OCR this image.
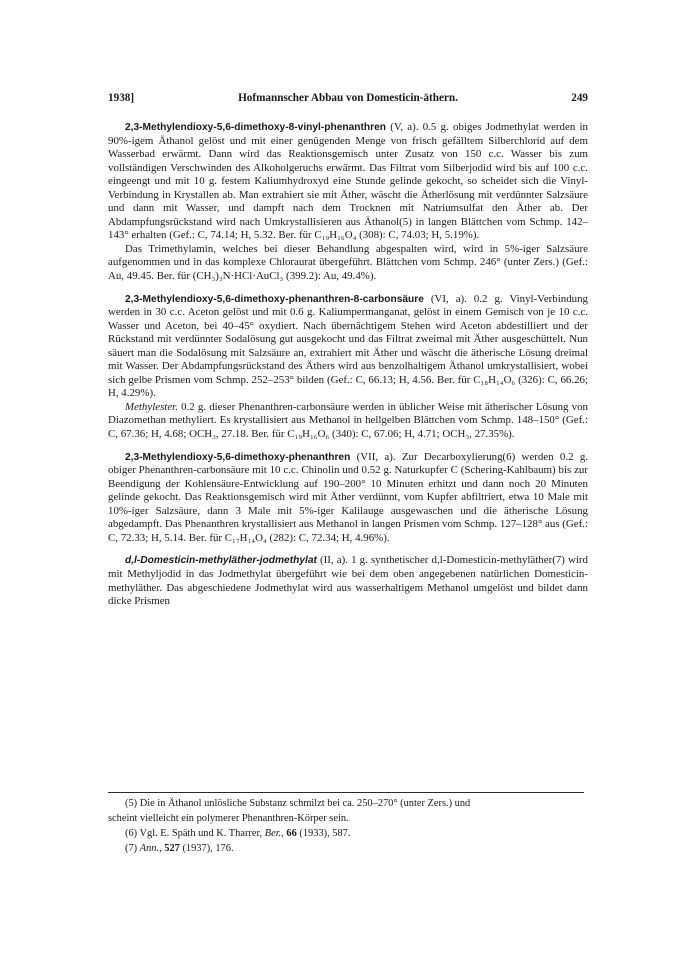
1938]	Hofmannscher Abbau von Domesticin-äthern.	249

2,3-Methylendioxy-5,6-dimethoxy-8-vinyl-phenanthren (V, a). 0.5 g. obiges Jodmethylat werden in 90%-igem Äthanol gelöst und mit einer genügenden Menge von frisch gefälltem Silberchlorid auf dem Wasserbad erwärmt. Dann wird das Reaktionsgemisch unter Zusatz von 150 c.c. Wasser bis zum vollständigen Verschwinden des Alkoholgeruchs erwärmt. Das Filtrat vom Silberjodid wird bis auf 100 c.c. eingeengt und mit 10 g. festem Kaliumhydroxyd eine Stunde gelinde gekocht, so scheidet sich die Vinyl-Verbindung in Krystallen ab. Man extrahiert sie mit Äther, wäscht die Ätherlösung mit verdünnter Salzsäure und dann mit Wasser, und dampft nach dem Trocknen mit Natriumsulfat den Äther ab. Der Abdampfungsrückstand wird nach Umkrystallisieren aus Äthanol(5) in langen Blättchen vom Schmp. 142–143° erhalten (Gef.: C, 74.14; H, 5.32. Ber. für C₁₉H₁₆O₄ (308): C, 74.03; H, 5.19%).

Das Trimethylamin, welches bei dieser Behandlung abgespalten wird, wird in 5%-iger Salzsäure aufgenommen und in das komplexe Chloraurat übergeführt. Blättchen vom Schmp. 246° (unter Zers.) (Gef.: Au, 49.45. Ber. für (CH₃)₃N·HCl·AuCl₃ (399.2): Au, 49.4%).

2,3-Methylendioxy-5,6-dimethoxy-phenanthren-8-carbonsäure (VI, a). 0.2 g. Vinyl-Verbindung werden in 30 c.c. Aceton gelöst und mit 0.6 g. Kaliumpermanganat, gelöst in einem Gemisch von je 10 c.c. Wasser und Aceton, bei 40–45° oxydiert. Nach übernächtigem Stehen wird Aceton abdestilliert und der Rückstand mit verdünnter Sodalösung gut ausgekocht und das Filtrat zweimal mit Äther ausgeschüttelt. Nun säuert man die Sodalösung mit Salzsäure an, extrahiert mit Äther und wäscht die ätherische Lösung dreimal mit Wasser. Der Abdampfungsrückstand des Äthers wird aus benzolhaltigem Äthanol umkrystallisiert, wobei sich gelbe Prismen vom Schmp. 252–253° bilden (Gef.: C, 66.13; H, 4.56. Ber. für C₁₈H₁₄O₆ (326): C, 66.26; H, 4.29%).

Methylester. 0.2 g. dieser Phenanthren-carbonsäure werden in üblicher Weise mit ätherischer Lösung von Diazomethan methyliert. Es krystallisiert aus Methanol in hellgelben Blättchen vom Schmp. 148–150° (Gef.: C, 67.36; H, 4.68; OCH₃, 27.18. Ber. für C₁₉H₁₆O₆ (340): C, 67.06; H, 4.71; OCH₃, 27.35%).

2,3-Methylendioxy-5,6-dimethoxy-phenanthren (VII, a). Zur Decarboxylierung(6) werden 0.2 g. obiger Phenanthren-carbonsäure mit 10 c.c. Chinolin und 0.52 g. Naturkupfer C (Schering-Kahlbaum) bis zur Beendigung der Kohlensäure-Entwicklung auf 190–200° 10 Minuten erhitzt und dann noch 20 Minuten gelinde gekocht. Das Reaktionsgemisch wird mit Äther verdünnt, vom Kupfer abfiltriert, etwa 10 Male mit 10%-iger Salzsäure, dann 3 Male mit 5%-iger Kalilauge ausgewaschen und die ätherische Lösung abgedampft. Das Phenanthren krystallisiert aus Methanol in langen Prismen vom Schmp. 127–128° aus (Gef.: C, 72.33; H, 5.14. Ber. für C₁₇H₁₄O₄ (282): C, 72.34; H, 4.96%).

d,l-Domesticin-methyläther-jodmethylat (II, a). 1 g. synthetischer d,l-Domesticin-methyläther(7) wird mit Methyljodid in das Jodmethylat übergeführt wie bei dem oben angegebenen natürlichen Domesticin-methyläther. Das abgeschiedene Jodmethylat wird aus wasserhaltigem Methanol umgelöst und bildet dann dicke Prismen

(5) Die in Äthanol unlösliche Substanz schmilzt bei ca. 250–270° (unter Zers.) und

scheint vielleicht ein polymerer Phenanthren-Körper sein.

(6) Vgl. E. Späth und K. Tharrer, Ber., 66 (1933), 587.

(7) Ann., 527 (1937), 176.
